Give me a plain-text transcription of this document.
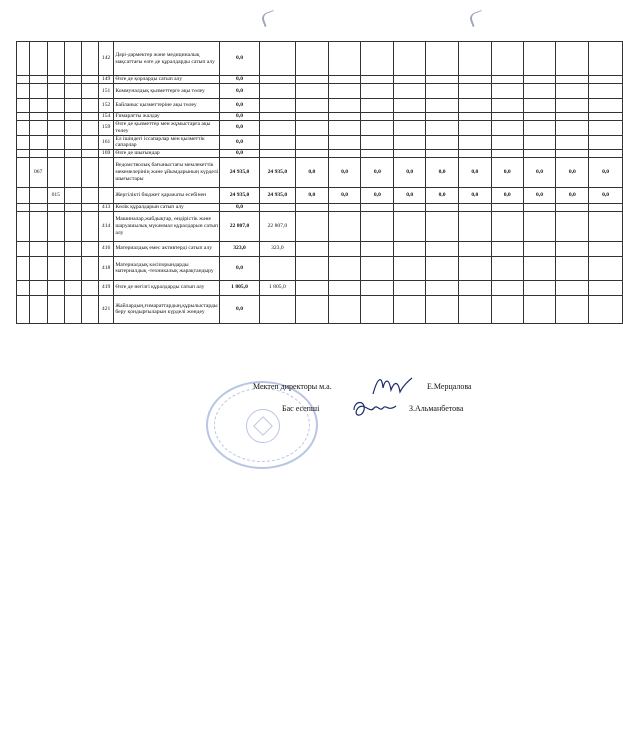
					142	Дәрі-дәрмектер және медициналық мақсаттағы өзге де құралдарды сатып алу	0,0											
					149	Өзге де қорларды сатып алу	0,0											
					151	Коммуналдық қызметтерге ақы төлеу	0,0											
					152	Байланыс қызметтеріне ақы төлеу	0,0											
					154	Ғимаратты жалдау	0,0											
					159	Өзге де қызметтер мен жұмыстарға ақы төлеу	0,0											
					161	Ел ішіндегі іссапарлар мен қызметтік сапарлар	0,0											
					169	Өзге де шығындар	0,0											
	067					Ведомстволық бағыныстағы мемлекеттік мекемелерінің және ұйымдарының күрделі шығыстары	24 935,0	24 935,0	0,0	0,0	0,0	0,0	0,0	0,0	0,0	0,0	0,0	0,0
		015				Жергілікті бюджет қаражаты есебінен	24 935,0	24 935,0	0,0	0,0	0,0	0,0	0,0	0,0	0,0	0,0	0,0	0,0
					413	Көлік құралдарын сатып алу	0,0											
					414	Машиналар,жабдықтар, өндірістік және шаруашылық мүкәммал құралдарын сатып алу	22 807,0	22 807,0										
					416	Материалдық емес активтерді сатып алу	323,0	323,0										
					418	Материалдық кәсіпорындарды материалдық -техникалық жарақтандыру	0,0											
					419	Өзге де негізгі құралдарды сатып алу	1 805,0	1 805,0										
					421	Жайлардың,ғимараттардың,құрылыстарды беру қондырғыларын күрделі жөндеу	0,0											
Мектеп директоры м.а.	Е.Мерцалова
Бас есепші	З.Альманбетова
